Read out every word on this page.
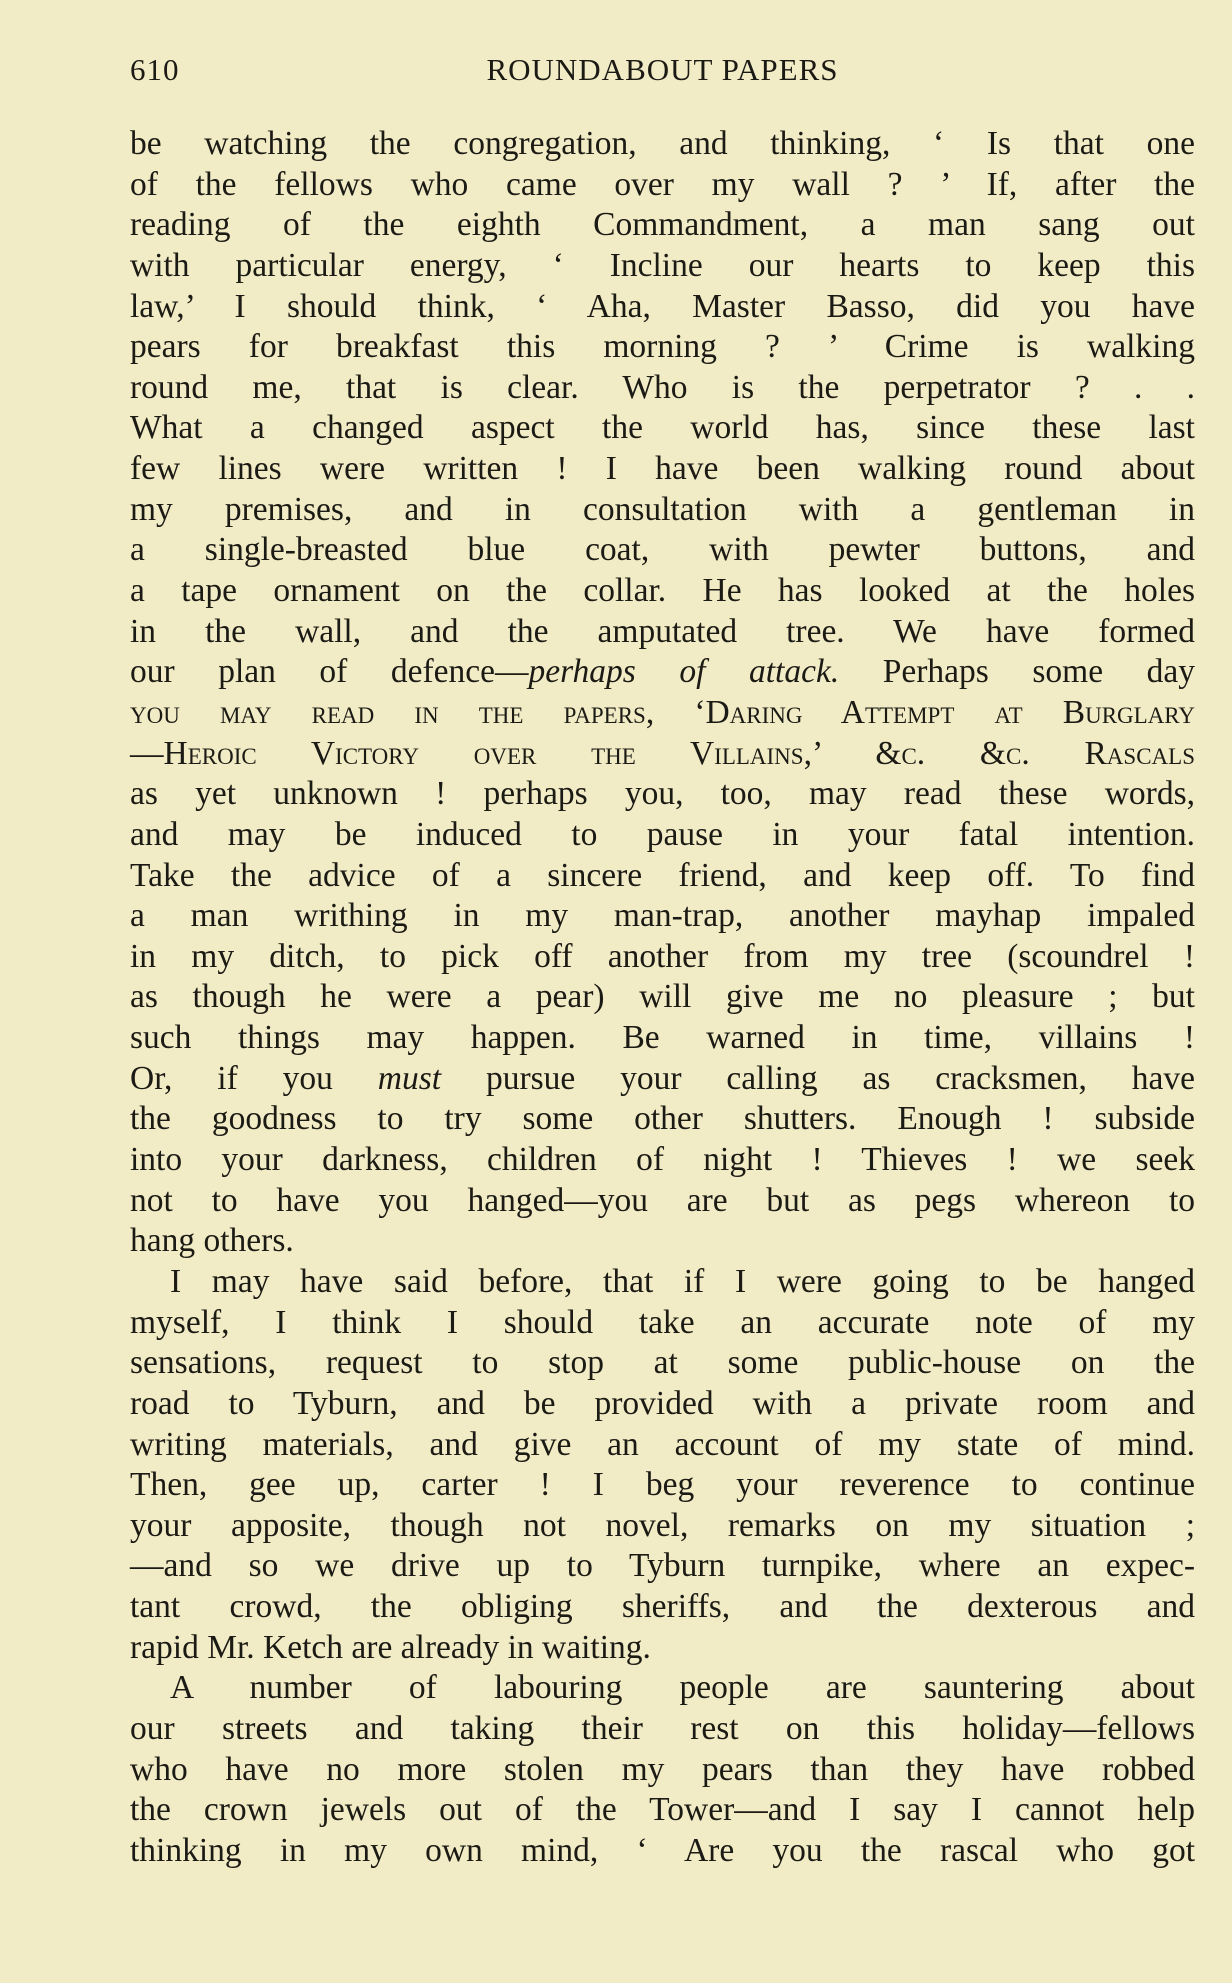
610	ROUNDABOUT PAPERS
be watching the congregation, and thinking, ‘ Is that one
of the fellows who came over my wall ? ’ If, after the
reading of the eighth Commandment, a man sang out
with particular energy, ‘ Incline our hearts to keep this
law,’ I should think, ‘ Aha, Master Basso, did you have
pears for breakfast this morning ? ’ Crime is walking
round me, that is clear. Who is the perpetrator ? . .
What a changed aspect the world has, since these last
few lines were written ! I have been walking round about
my premises, and in consultation with a gentleman in
a single-breasted blue coat, with pewter buttons, and
a tape ornament on the collar. He has looked at the holes
in the wall, and the amputated tree. We have formed
our plan of defence—perhaps of attack. Perhaps some day
you may read in the papers, ‘Daring Attempt at Burglary
—Heroic Victory over the Villains,’ &c. &c. Rascals
as yet unknown ! perhaps you, too, may read these words,
and may be induced to pause in your fatal intention.
Take the advice of a sincere friend, and keep off. To find
a man writhing in my man-trap, another mayhap impaled
in my ditch, to pick off another from my tree (scoundrel !
as though he were a pear) will give me no pleasure ; but
such things may happen. Be warned in time, villains !
Or, if you must pursue your calling as cracksmen, have
the goodness to try some other shutters. Enough ! subside
into your darkness, children of night ! Thieves ! we seek
not to have you hanged—you are but as pegs whereon to
hang others.
I may have said before, that if I were going to be hanged
myself, I think I should take an accurate note of my
sensations, request to stop at some public-house on the
road to Tyburn, and be provided with a private room and
writing materials, and give an account of my state of mind.
Then, gee up, carter ! I beg your reverence to continue
your apposite, though not novel, remarks on my situation ;
—and so we drive up to Tyburn turnpike, where an expec-
tant crowd, the obliging sheriffs, and the dexterous and
rapid Mr. Ketch are already in waiting.
A number of labouring people are sauntering about
our streets and taking their rest on this holiday—fellows
who have no more stolen my pears than they have robbed
the crown jewels out of the Tower—and I say I cannot help
thinking in my own mind, ‘ Are you the rascal who got
